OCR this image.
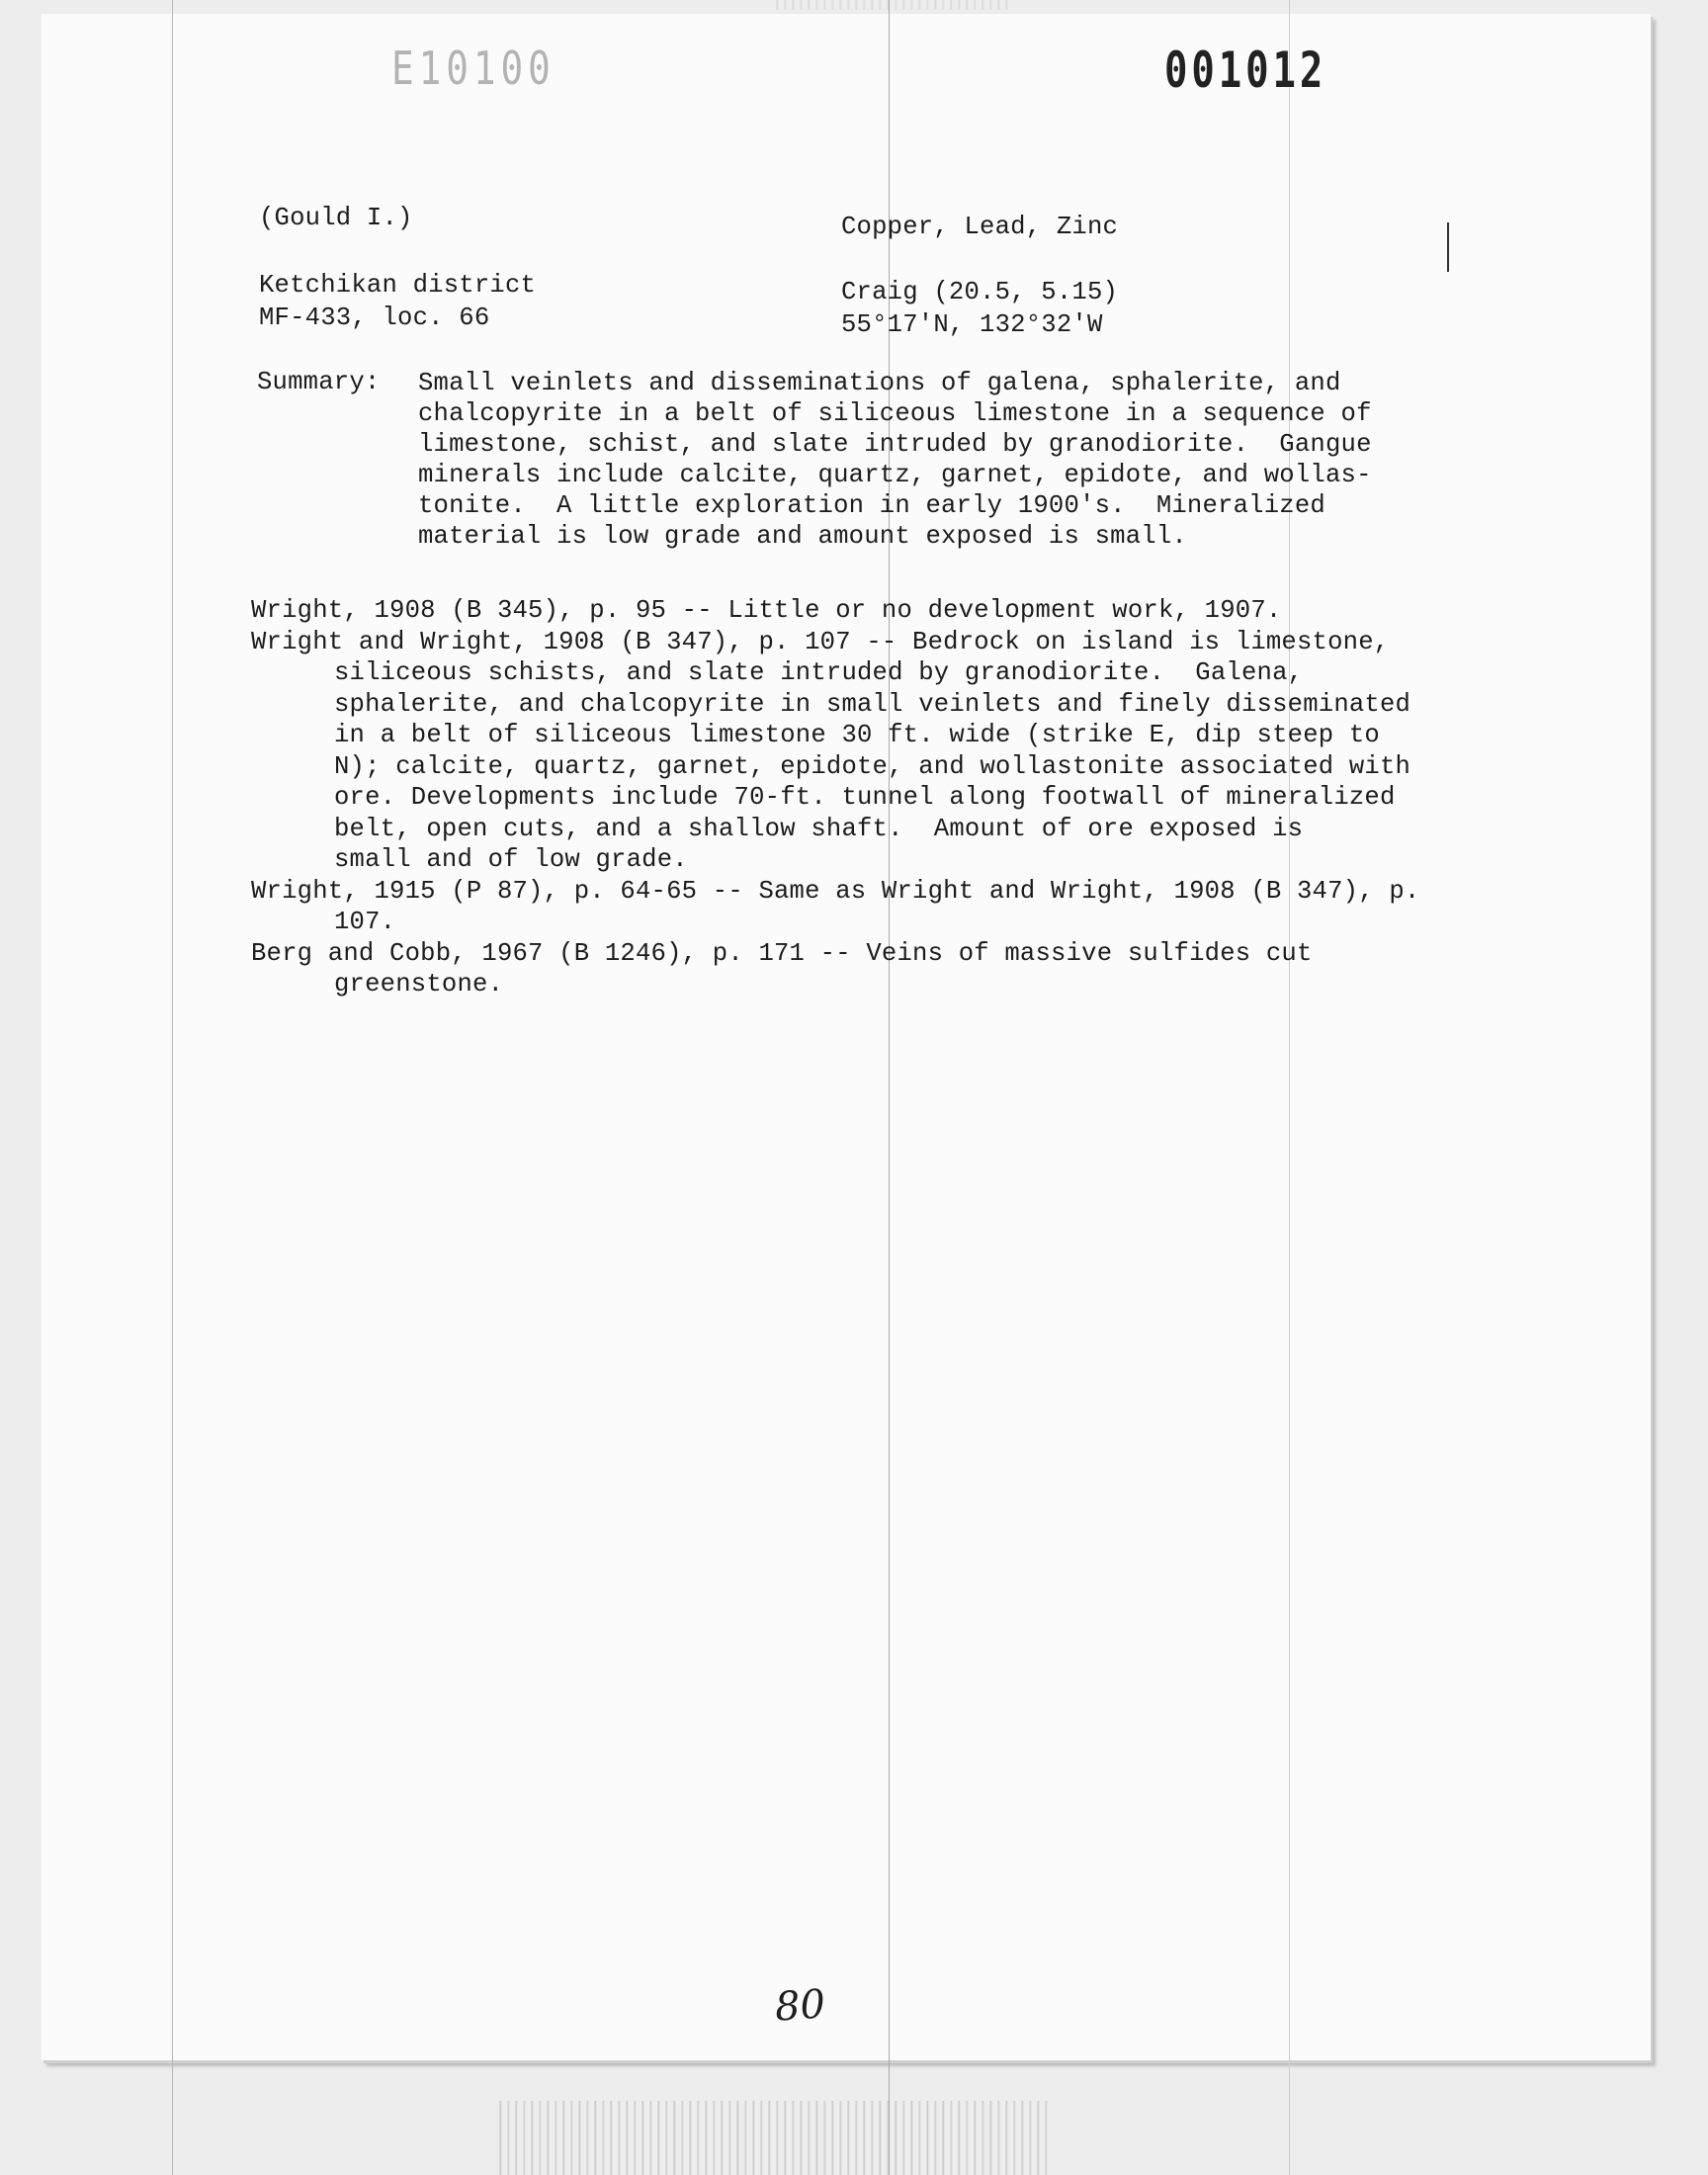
E10100	001012
(Gould I.)	Copper, Lead, Zinc
Ketchikan district
MF-433, loc. 66
Craig (20.5, 5.15)
55°17'N, 132°32'W
Summary: Small veinlets and disseminations of galena, sphalerite, and
chalcopyrite in a belt of siliceous limestone in a sequence of
limestone, schist, and slate intruded by granodiorite.  Gangue
minerals include calcite, quartz, garnet, epidote, and wollas-
tonite.  A little exploration in early 1900's.  Mineralized
material is low grade and amount exposed is small.
Wright, 1908 (B 345), p. 95 -- Little or no development work, 1907.
Wright and Wright, 1908 (B 347), p. 107 -- Bedrock on island is limestone,
siliceous schists, and slate intruded by granodiorite.  Galena,
sphalerite, and chalcopyrite in small veinlets and finely disseminated
in a belt of siliceous limestone 30 ft. wide (strike E, dip steep to
N); calcite, quartz, garnet, epidote, and wollastonite associated with
ore. Developments include 70-ft. tunnel along footwall of mineralized
belt, open cuts, and a shallow shaft.  Amount of ore exposed is
small and of low grade.
Wright, 1915 (P 87), p. 64-65 -- Same as Wright and Wright, 1908 (B 347), p.
107.
Berg and Cobb, 1967 (B 1246), p. 171 -- Veins of massive sulfides cut
greenstone.
80
